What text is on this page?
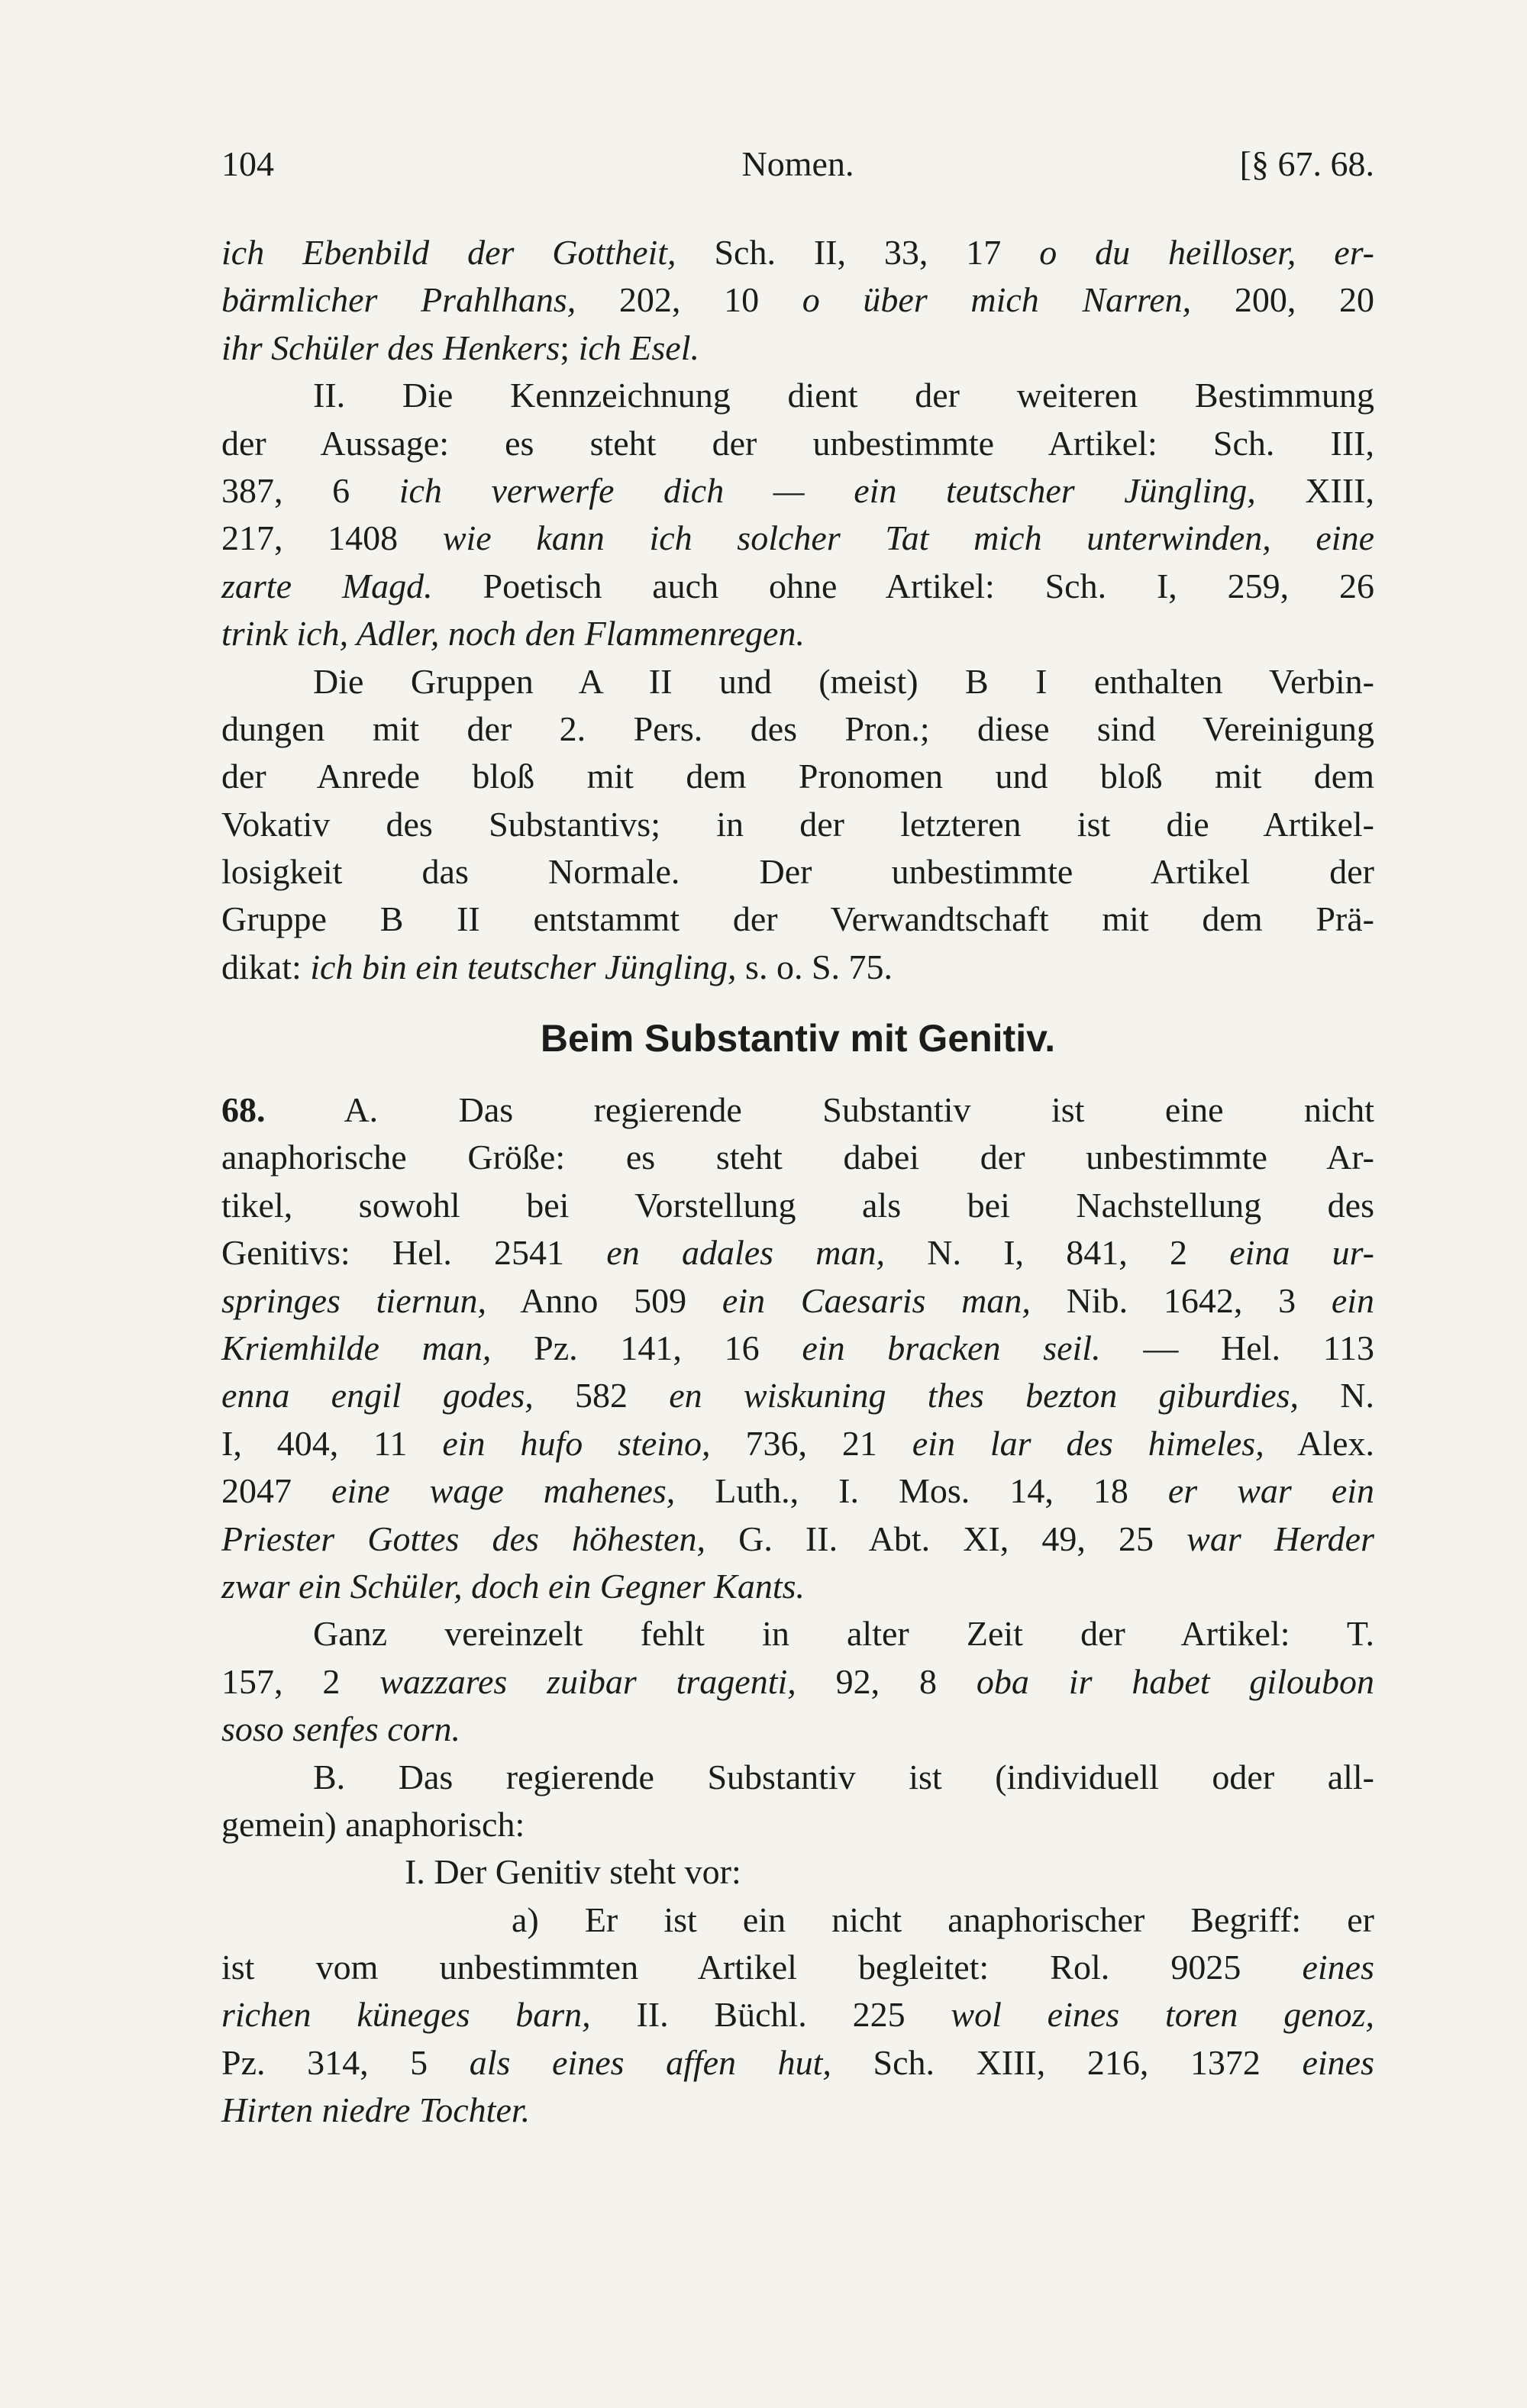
104	Nomen.	[§ 67. 68.
ich Ebenbild der Gottheit, Sch. II, 33, 17 o du heilloser, er-
bärmlicher Prahlhans, 202, 10 o über mich Narren, 200, 20
ihr Schüler des Henkers; ich Esel.
II. Die Kennzeichnung dient der weiteren Bestimmung
der Aussage: es steht der unbestimmte Artikel: Sch. III,
387, 6 ich verwerfe dich — ein teutscher Jüngling, XIII,
217, 1408 wie kann ich solcher Tat mich unterwinden, eine
zarte Magd. Poetisch auch ohne Artikel: Sch. I, 259, 26
trink ich, Adler, noch den Flammenregen.
Die Gruppen A II und (meist) B I enthalten Verbin-
dungen mit der 2. Pers. des Pron.; diese sind Vereinigung
der Anrede bloß mit dem Pronomen und bloß mit dem
Vokativ des Substantivs; in der letzteren ist die Artikel-
losigkeit das Normale. Der unbestimmte Artikel der
Gruppe B II entstammt der Verwandtschaft mit dem Prä-
dikat: ich bin ein teutscher Jüngling, s. o. S. 75.
Beim Substantiv mit Genitiv.
68. A. Das regierende Substantiv ist eine nicht
anaphorische Größe: es steht dabei der unbestimmte Ar-
tikel, sowohl bei Vorstellung als bei Nachstellung des
Genitivs: Hel. 2541 en adales man, N. I, 841, 2 eina ur-
springes tiernun, Anno 509 ein Caesaris man, Nib. 1642, 3 ein
Kriemhilde man, Pz. 141, 16 ein bracken seil. — Hel. 113
enna engil godes, 582 en wiskuning thes bezton giburdies, N.
I, 404, 11 ein hufo steino, 736, 21 ein lar des himeles, Alex.
2047 eine wage mahenes, Luth., I. Mos. 14, 18 er war ein
Priester Gottes des höhesten, G. II. Abt. XI, 49, 25 war Herder
zwar ein Schüler, doch ein Gegner Kants.
Ganz vereinzelt fehlt in alter Zeit der Artikel: T.
157, 2 wazzares zuibar tragenti, 92, 8 oba ir habet giloubon
soso senfes corn.
B. Das regierende Substantiv ist (individuell oder all-
gemein) anaphorisch:
I. Der Genitiv steht vor:
a) Er ist ein nicht anaphorischer Begriff: er
ist vom unbestimmten Artikel begleitet: Rol. 9025 eines
richen küneges barn, II. Büchl. 225 wol eines toren genoz,
Pz. 314, 5 als eines affen hut, Sch. XIII, 216, 1372 eines
Hirten niedre Tochter.
